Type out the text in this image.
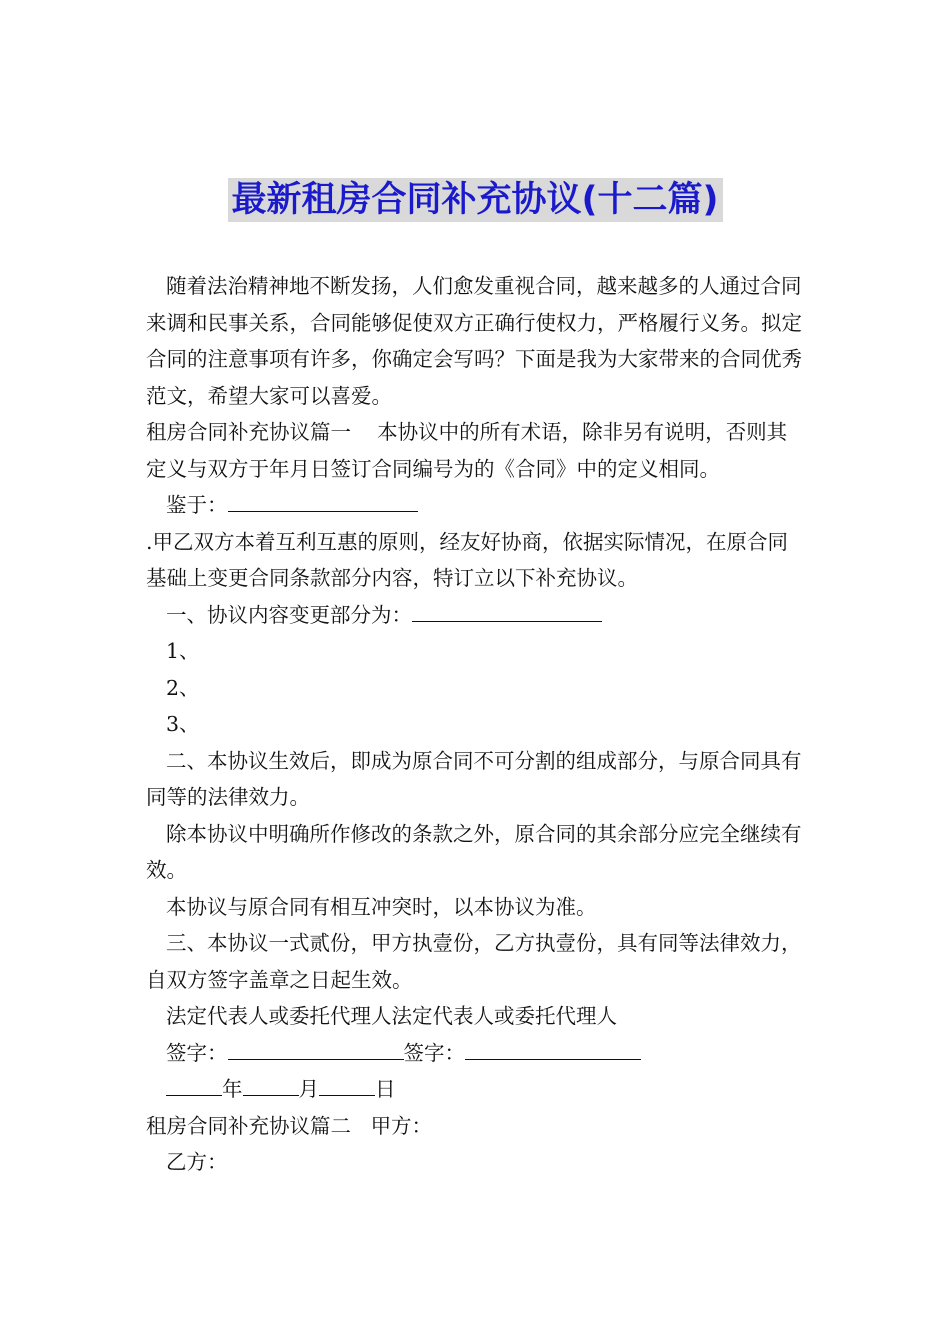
最新租房合同补充协议(十二篇)

随着法治精神地不断发扬，人们愈发重视合同，越来越多的人通过合同来调和民事关系，合同能够促使双方正确行使权力，严格履行义务。拟定合同的注意事项有许多，你确定会写吗？下面是我为大家带来的合同优秀范文，希望大家可以喜爱。

租房合同补充协议篇一 本协议中的所有术语，除非另有说明，否则其定义与双方于年月日签订合同编号为的《合同》中的定义相同。

鉴于：

.甲乙双方本着互利互惠的原则，经友好协商，依据实际情况，在原合同基础上变更合同条款部分内容，特订立以下补充协议。

一、协议内容变更部分为：

1、

2、

3、

二、本协议生效后，即成为原合同不可分割的组成部分，与原合同具有同等的法律效力。

除本协议中明确所作修改的条款之外，原合同的其余部分应完全继续有效。

本协议与原合同有相互冲突时，以本协议为准。

三、本协议一式贰份，甲方执壹份，乙方执壹份，具有同等法律效力，自双方签字盖章之日起生效。

法定代表人或委托代理人法定代表人或委托代理人

签字：	签字：

年	月	日

租房合同补充协议篇二 甲方：

乙方：
